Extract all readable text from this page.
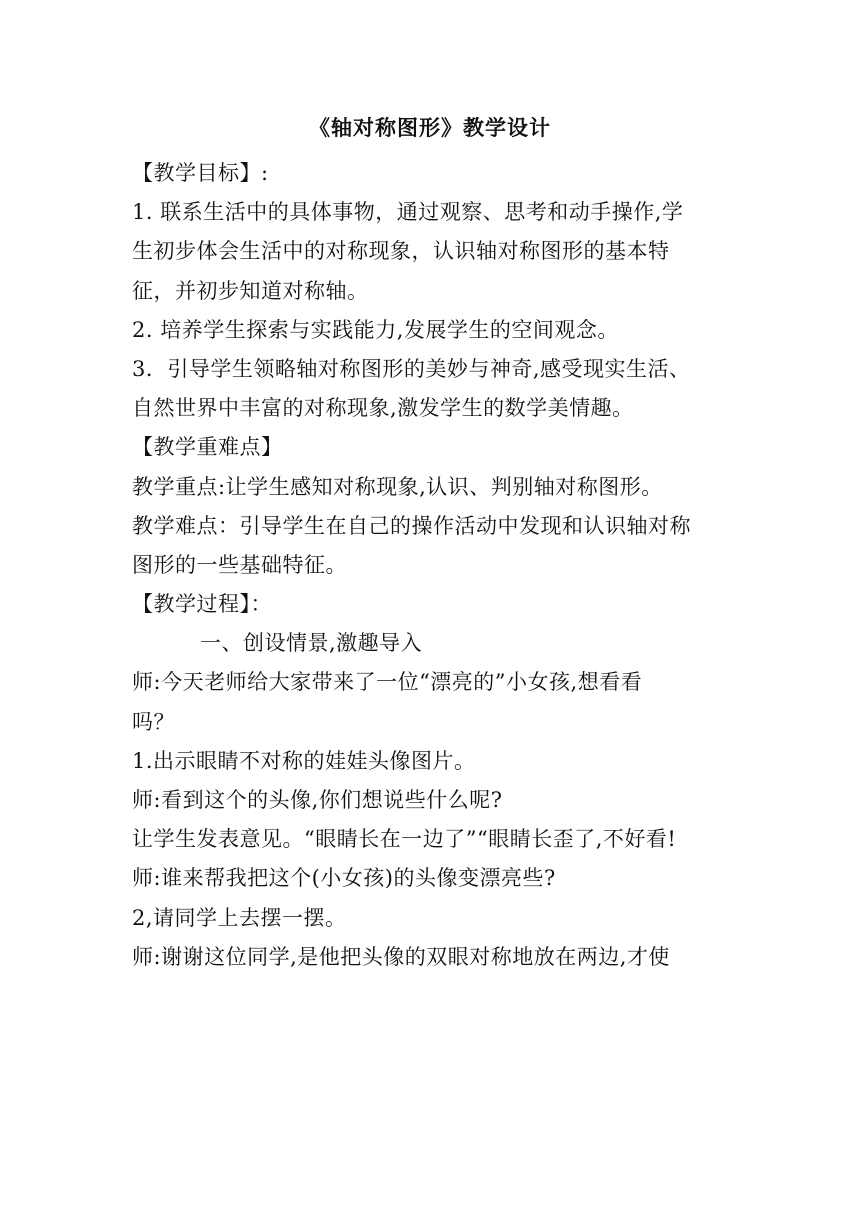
《轴对称图形》教学设计
【教学目标】:
1. 联系生活中的具体事物，通过观察、思考和动手操作,学
生初步体会生活中的对称现象，认识轴对称图形的基本特
征，并初步知道对称轴。
2. 培养学生探索与实践能力,发展学生的空间观念。
3．引导学生领略轴对称图形的美妙与神奇,感受现实生活、
自然世界中丰富的对称现象,激发学生的数学美情趣。
【教学重难点】
教学重点:让学生感知对称现象,认识、判别轴对称图形。
教学难点：引导学生在自己的操作活动中发现和认识轴对称
图形的一些基础特征。
【教学过程】：
一、创设情景,激趣导入
师:今天老师给大家带来了一位“漂亮的”小女孩,想看看
吗？
1.出示眼睛不对称的娃娃头像图片。
师:看到这个的头像,你们想说些什么呢?
让学生发表意见。“眼睛长在一边了”“眼睛长歪了,不好看!
师:谁来帮我把这个(小女孩)的头像变漂亮些?
2,请同学上去摆一摆。
师:谢谢这位同学,是他把头像的双眼对称地放在两边,才使
